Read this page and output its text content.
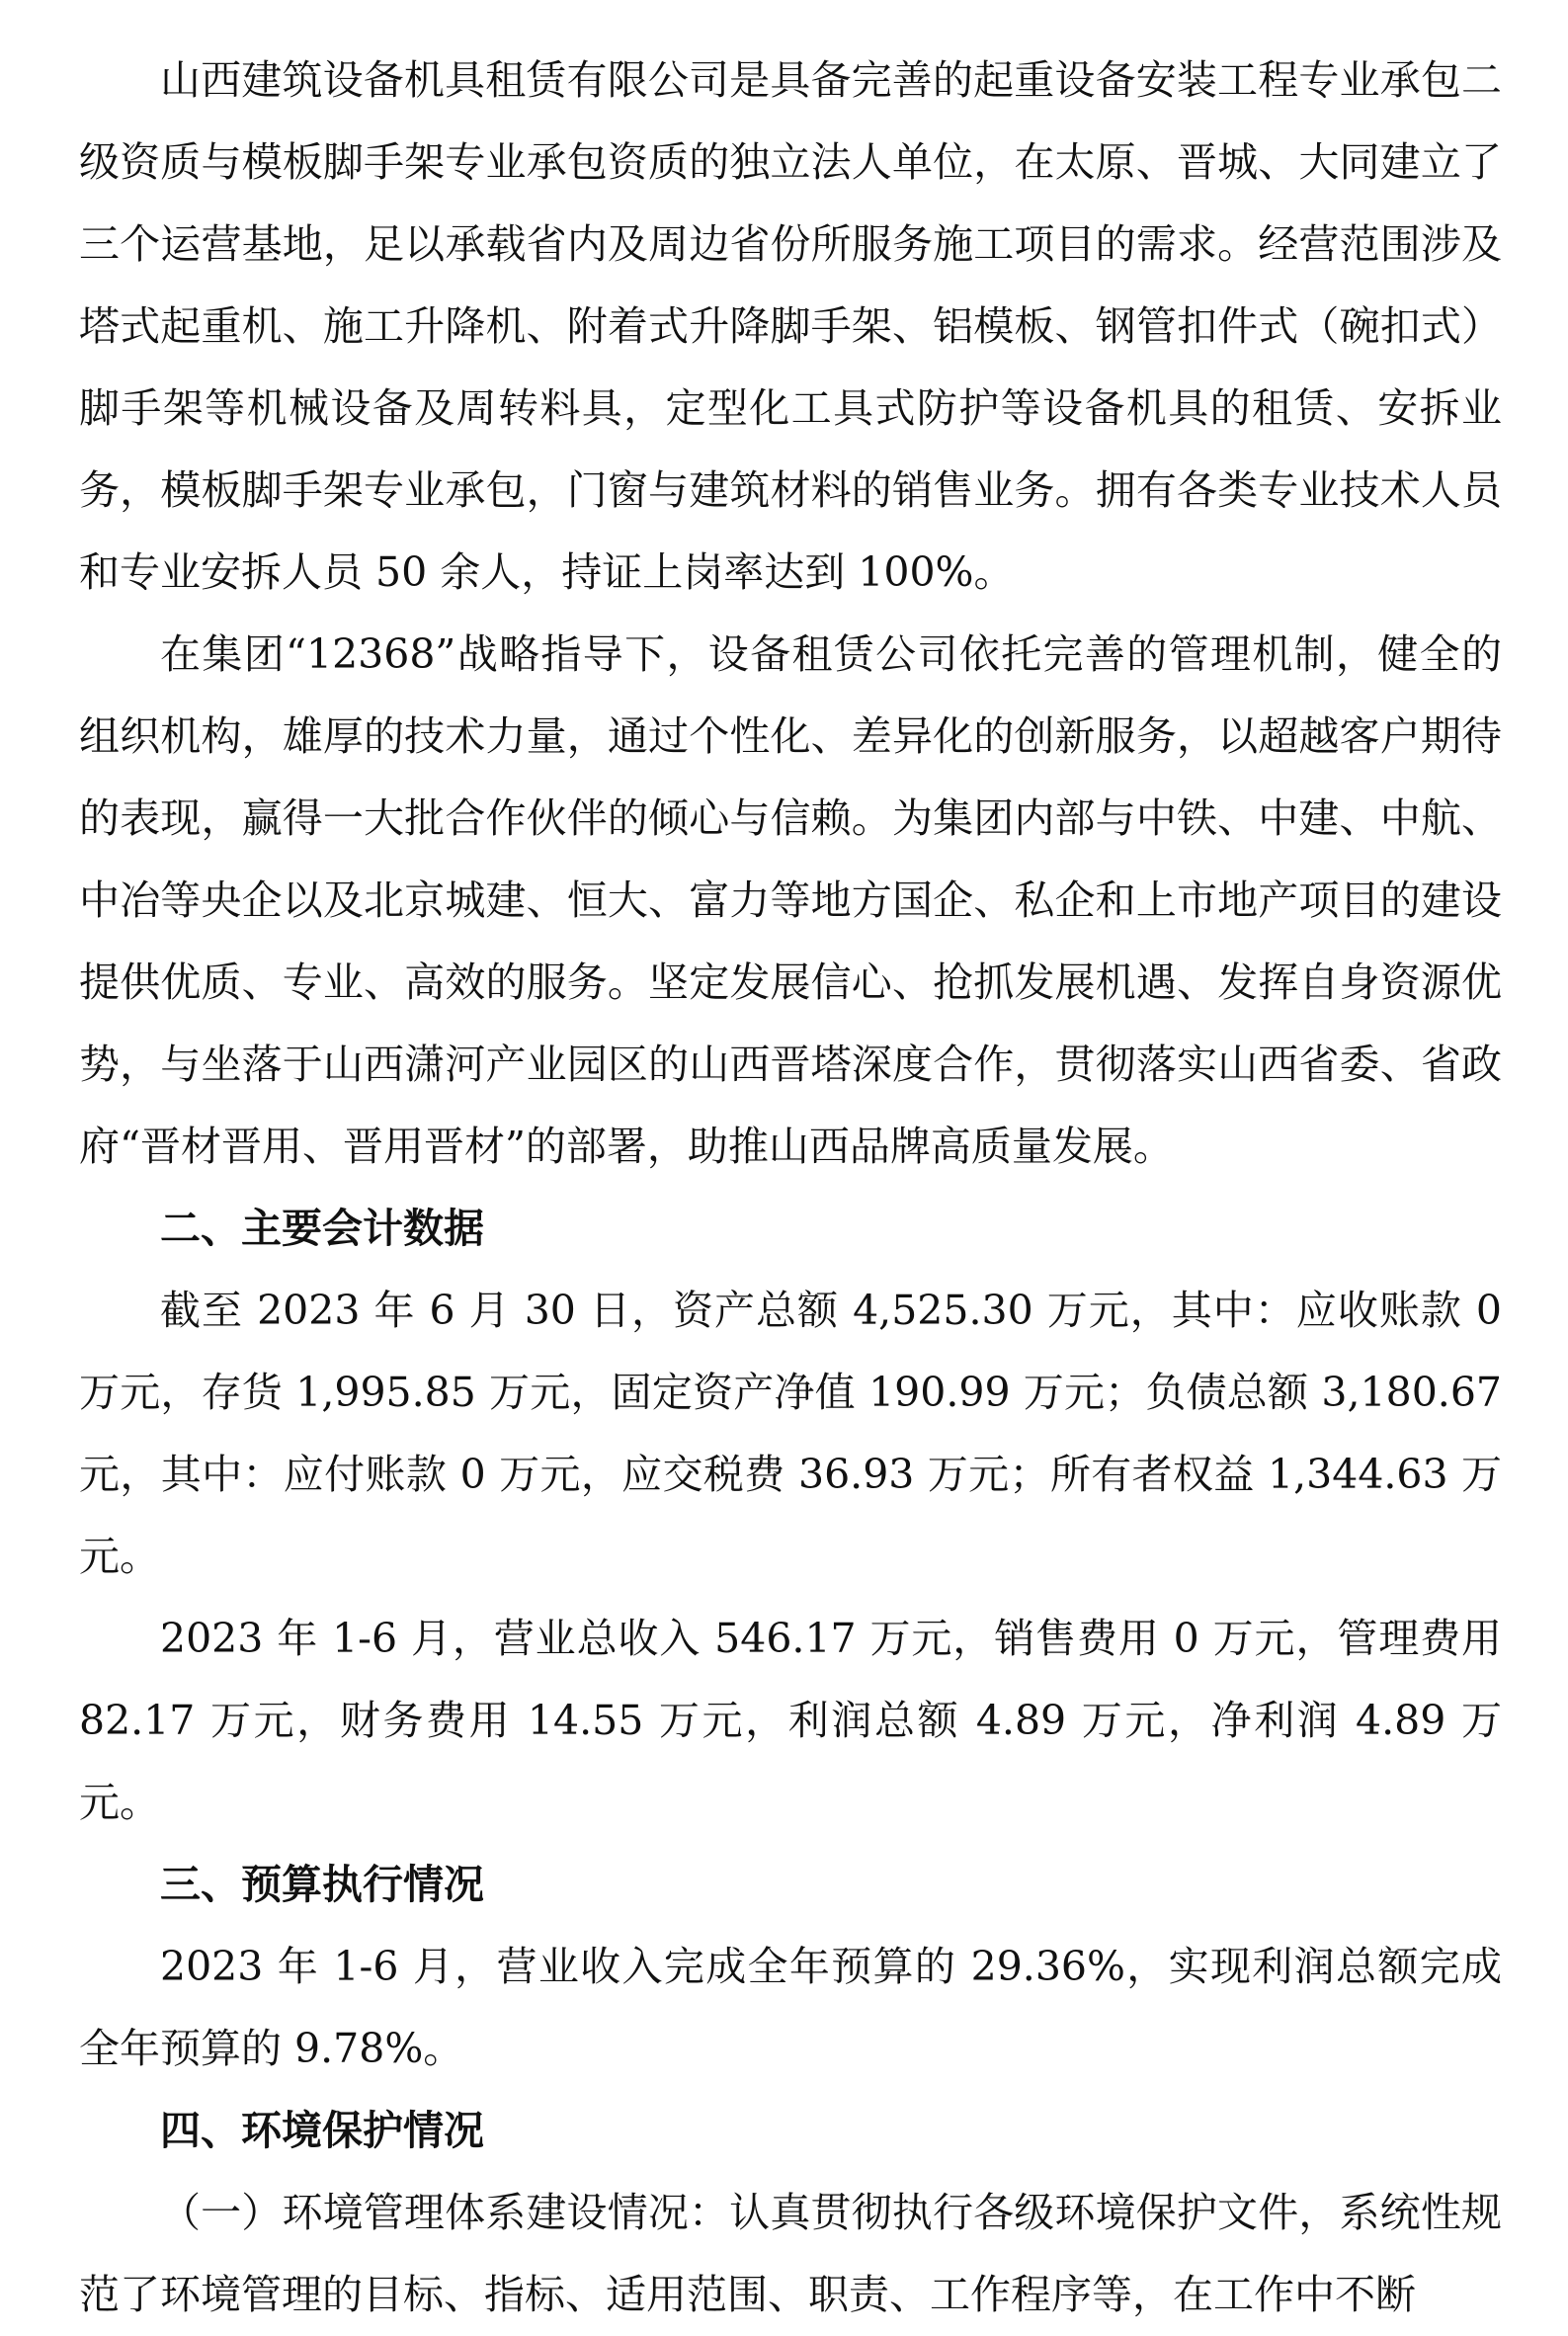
山西建筑设备机具租赁有限公司是具备完善的起重设备安装工程专业承包二级资质与模板脚手架专业承包资质的独立法人单位，在太原、晋城、大同建立了三个运营基地，足以承载省内及周边省份所服务施工项目的需求。经营范围涉及塔式起重机、施工升降机、附着式升降脚手架、铝模板、钢管扣件式（碗扣式）脚手架等机械设备及周转料具，定型化工具式防护等设备机具的租赁、安拆业务，模板脚手架专业承包，门窗与建筑材料的销售业务。拥有各类专业技术人员和专业安拆人员 50 余人，持证上岗率达到 100%。

在集团“12368”战略指导下，设备租赁公司依托完善的管理机制，健全的组织机构，雄厚的技术力量，通过个性化、差异化的创新服务，以超越客户期待的表现，赢得一大批合作伙伴的倾心与信赖。为集团内部与中铁、中建、中航、中冶等央企以及北京城建、恒大、富力等地方国企、私企和上市地产项目的建设提供优质、专业、高效的服务。坚定发展信心、抢抓发展机遇、发挥自身资源优势，与坐落于山西潇河产业园区的山西晋塔深度合作，贯彻落实山西省委、省政府“晋材晋用、晋用晋材”的部署，助推山西品牌高质量发展。

二、主要会计数据

截至 2023 年 6 月 30 日，资产总额 4,525.30 万元，其中：应收账款 0 万元，存货 1,995.85 万元，固定资产净值 190.99 万元；负债总额 3,180.67 元，其中：应付账款 0 万元，应交税费 36.93 万元；所有者权益 1,344.63 万元。

2023 年 1-6 月，营业总收入 546.17 万元，销售费用 0 万元，管理费用 82.17 万元，财务费用 14.55 万元，利润总额 4.89 万元，净利润 4.89 万元。

三、预算执行情况

2023 年 1-6 月，营业收入完成全年预算的 29.36%，实现利润总额完成全年预算的 9.78%。

四、环境保护情况

（一）环境管理体系建设情况：认真贯彻执行各级环境保护文件，系统性规范了环境管理的目标、指标、适用范围、职责、工作程序等，在工作中不断
